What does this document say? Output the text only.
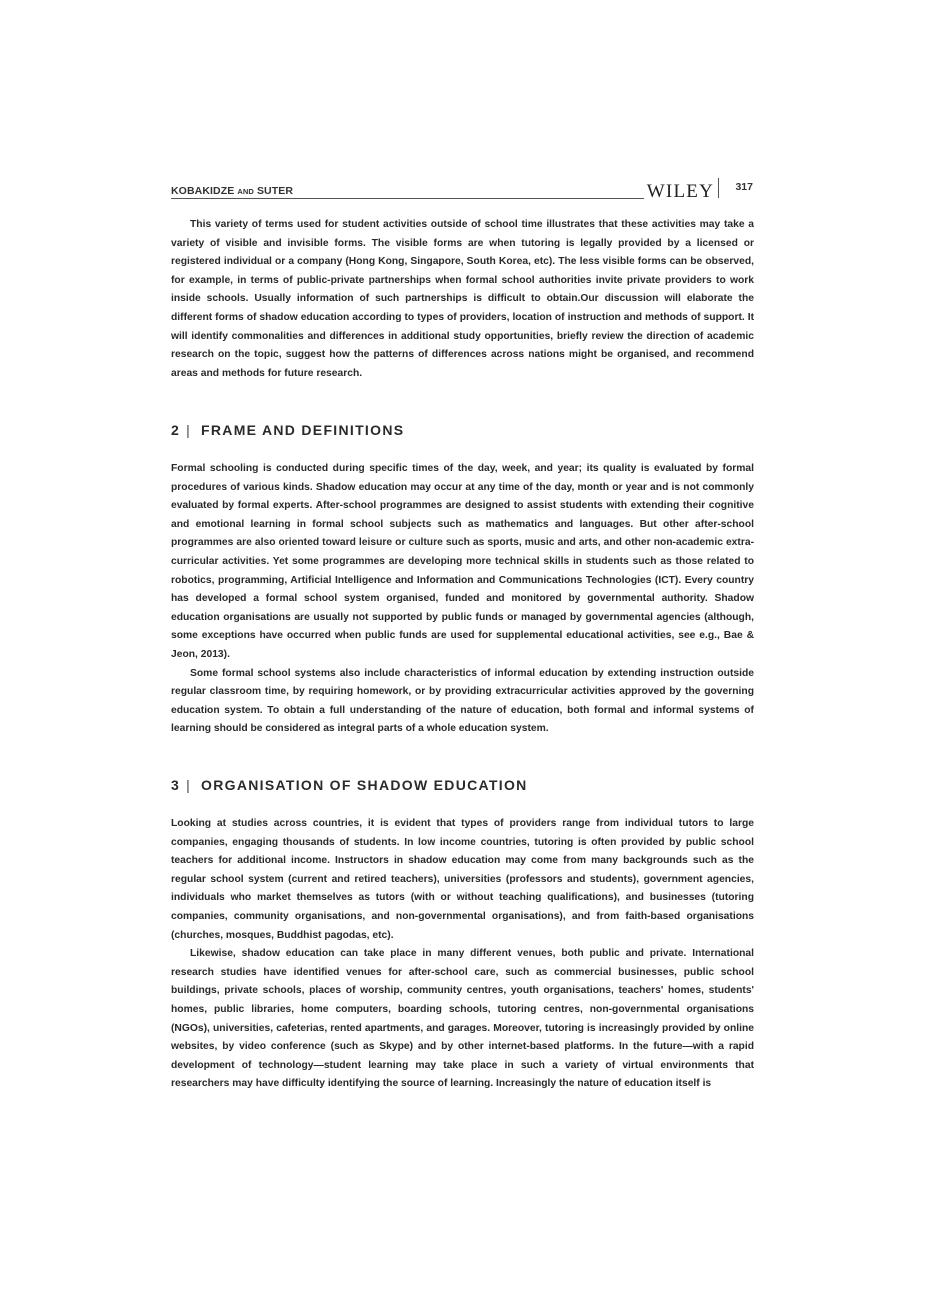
KOBAKIDZE AND SUTER	WILEY 317

This variety of terms used for student activities outside of school time illustrates that these activities may take a variety of visible and invisible forms. The visible forms are when tutoring is legally provided by a licensed or registered individual or a company (Hong Kong, Singapore, South Korea, etc). The less visible forms can be observed, for example, in terms of public-private partnerships when formal school authorities invite private providers to work inside schools. Usually information of such partnerships is difficult to obtain.Our discussion will elaborate the different forms of shadow education according to types of providers, location of instruction and methods of support. It will identify commonalities and differences in additional study opportunities, briefly review the direction of academic research on the topic, suggest how the patterns of differences across nations might be organised, and recommend areas and methods for future research.

2 | FRAME AND DEFINITIONS

Formal schooling is conducted during specific times of the day, week, and year; its quality is evaluated by formal procedures of various kinds. Shadow education may occur at any time of the day, month or year and is not commonly evaluated by formal experts. After-school programmes are designed to assist students with extending their cognitive and emotional learning in formal school subjects such as mathematics and languages. But other after-school programmes are also oriented toward leisure or culture such as sports, music and arts, and other non-academic extra-curricular activities. Yet some programmes are developing more technical skills in students such as those related to robotics, programming, Artificial Intelligence and Information and Communications Technologies (ICT). Every country has developed a formal school system organised, funded and monitored by governmental authority. Shadow education organisations are usually not supported by public funds or managed by governmental agencies (although, some exceptions have occurred when public funds are used for supplemental educational activities, see e.g., Bae & Jeon, 2013).

Some formal school systems also include characteristics of informal education by extending instruction outside regular classroom time, by requiring homework, or by providing extracurricular activities approved by the governing education system. To obtain a full understanding of the nature of education, both formal and informal systems of learning should be considered as integral parts of a whole education system.

3 | ORGANISATION OF SHADOW EDUCATION

Looking at studies across countries, it is evident that types of providers range from individual tutors to large companies, engaging thousands of students. In low income countries, tutoring is often provided by public school teachers for additional income. Instructors in shadow education may come from many backgrounds such as the regular school system (current and retired teachers), universities (professors and students), government agencies, individuals who market themselves as tutors (with or without teaching qualifications), and businesses (tutoring companies, community organisations, and non-governmental organisations), and from faith-based organisations (churches, mosques, Buddhist pagodas, etc).

Likewise, shadow education can take place in many different venues, both public and private. International research studies have identified venues for after-school care, such as commercial businesses, public school buildings, private schools, places of worship, community centres, youth organisations, teachers' homes, students' homes, public libraries, home computers, boarding schools, tutoring centres, non-governmental organisations (NGOs), universities, cafeterias, rented apartments, and garages. Moreover, tutoring is increasingly provided by online websites, by video conference (such as Skype) and by other internet-based platforms. In the future—with a rapid development of technology—student learning may take place in such a variety of virtual environments that researchers may have difficulty identifying the source of learning. Increasingly the nature of education itself is
